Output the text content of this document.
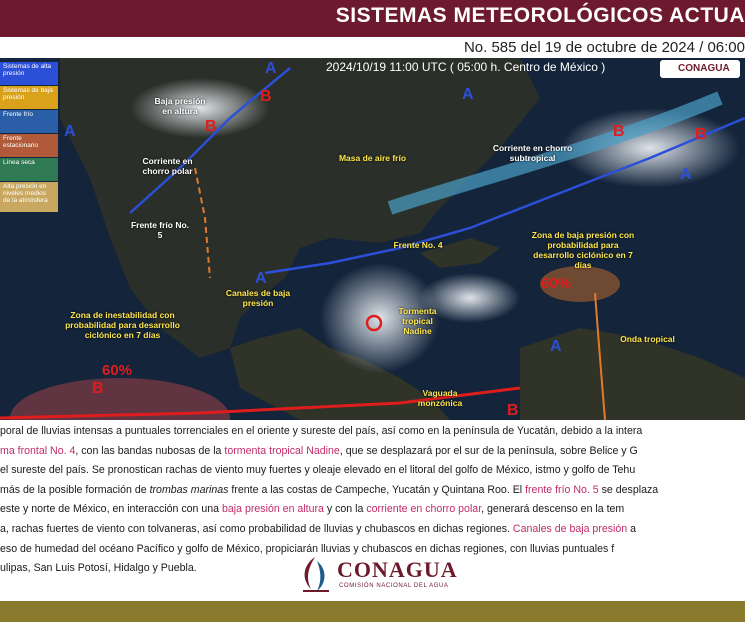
SISTEMAS METEOROLÓGICOS ACTUA
No. 585 del 19 de octubre de 2024 / 06:00
2024/10/19 11:00 UTC ( 05:00 h. Centro de México )	CONAGUA
Baja presión en altura
Corriente en chorro polar
Masa de aire frío
Corriente en chorro subtropical
Frente frío No. 5
Frente No. 4
Zona de baja presión con probabilidad para desarrollo ciclónico en 7 días
Canales de baja presión
Tormenta tropical Nadine
Onda tropical
Zona de inestabilidad con probabilidad para desarrollo ciclónico en 7 días
Vaguada monzónica
60%
60%
A
A
A
A
A
A
B
B	B	B
B
B
Sistemas de alta presión
Sistemas de baja presión
Frente frío
Frente estacionario
Línea seca
Alta presión en niveles medios de la atmósfera

poral de lluvias intensas a puntuales torrenciales en el oriente y sureste del país, así como en la península de Yucatán, debido a la intera

ma frontal No. 4, con las bandas nubosas de la tormenta tropical Nadine, que se desplazará por el sur de la península, sobre Belice y G

el sureste del país. Se pronostican rachas de viento muy fuertes y oleaje elevado en el litoral del golfo de México, istmo y golfo de Tehu

más de la posible formación de trombas marinas frente a las costas de Campeche, Yucatán y Quintana Roo. El frente frío No. 5 se desplaza

este y norte de México, en interacción con una baja presión en altura y con la corriente en chorro polar, generará descenso en la tem

a, rachas fuertes de viento con tolvaneras, así como probabilidad de lluvias y chubascos en dichas regiones. Canales de baja presión a

eso de humedad del océano Pacífico y golfo de México, propiciarán lluvias y chubascos en dichas regiones, con lluvias puntuales f

ulipas, San Luis Potosí, Hidalgo y Puebla.	CONAGUA
COMISIÓN NACIONAL DEL AGUA
